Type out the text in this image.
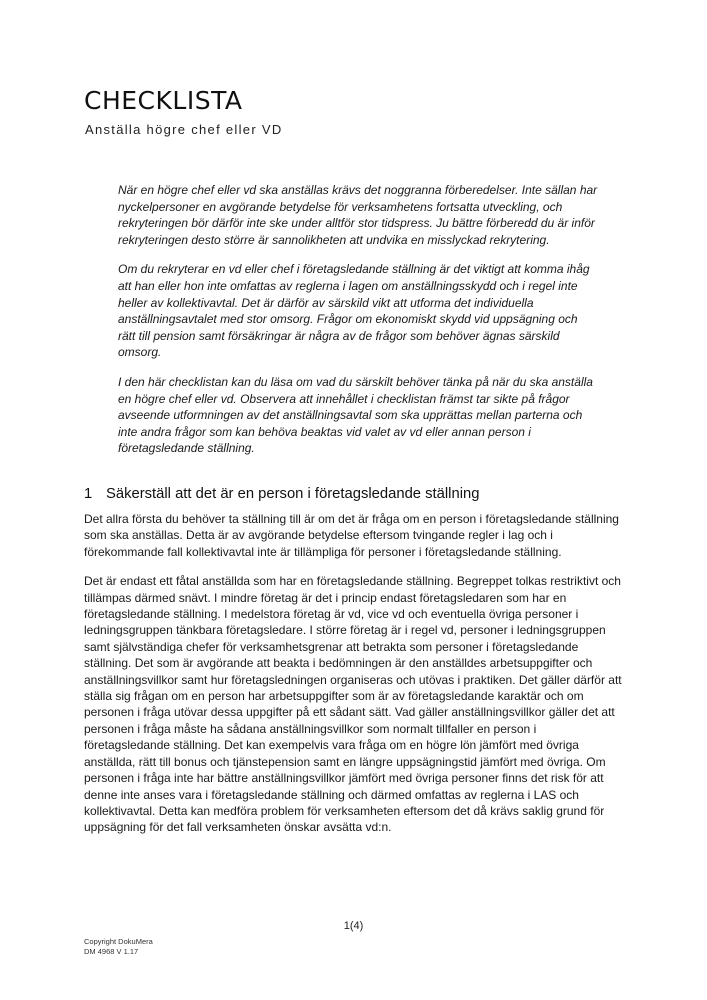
CHECKLISTA
Anställa högre chef eller VD

När en högre chef eller vd ska anställas krävs det noggranna förberedelser. Inte sällan har nyckelpersoner en avgörande betydelse för verksamhetens fortsatta utveckling, och rekryteringen bör därför inte ske under alltför stor tidspress. Ju bättre förberedd du är inför rekryteringen desto större är sannolikheten att undvika en misslyckad rekrytering.

Om du rekryterar en vd eller chef i företagsledande ställning är det viktigt att komma ihåg att han eller hon inte omfattas av reglerna i lagen om anställningsskydd och i regel inte heller av kollektivavtal. Det är därför av särskild vikt att utforma det individuella anställningsavtalet med stor omsorg. Frågor om ekonomiskt skydd vid uppsägning och rätt till pension samt försäkringar är några av de frågor som behöver ägnas särskild omsorg.

I den här checklistan kan du läsa om vad du särskilt behöver tänka på när du ska anställa en högre chef eller vd. Observera att innehållet i checklistan främst tar sikte på frågor avseende utformningen av det anställningsavtal som ska upprättas mellan parterna och inte andra frågor som kan behöva beaktas vid valet av vd eller annan person i företagsledande ställning.

1 Säkerställ att det är en person i företagsledande ställning

Det allra första du behöver ta ställning till är om det är fråga om en person i företagsledande ställning som ska anställas. Detta är av avgörande betydelse eftersom tvingande regler i lag och i förekommande fall kollektivavtal inte är tillämpliga för personer i företagsledande ställning.

Det är endast ett fåtal anställda som har en företagsledande ställning. Begreppet tolkas restriktivt och tillämpas därmed snävt. I mindre företag är det i princip endast företagsledaren som har en företagsledande ställning. I medelstora företag är vd, vice vd och eventuella övriga personer i ledningsgruppen tänkbara företagsledare. I större företag är i regel vd, personer i ledningsgruppen samt självständiga chefer för verksamhetsgrenar att betrakta som personer i företagsledande ställning. Det som är avgörande att beakta i bedömningen är den anställdes arbetsuppgifter och anställningsvillkor samt hur företagsledningen organiseras och utövas i praktiken. Det gäller därför att ställa sig frågan om en person har arbetsuppgifter som är av företagsledande karaktär och om personen i fråga utövar dessa uppgifter på ett sådant sätt. Vad gäller anställningsvillkor gäller det att personen i fråga måste ha sådana anställningsvillkor som normalt tillfaller en person i företagsledande ställning. Det kan exempelvis vara fråga om en högre lön jämfört med övriga anställda, rätt till bonus och tjänstepension samt en längre uppsägningstid jämfört med övriga. Om personen i fråga inte har bättre anställningsvillkor jämfört med övriga personer finns det risk för att denne inte anses vara i företagsledande ställning och därmed omfattas av reglerna i LAS och kollektivavtal. Detta kan medföra problem för verksamheten eftersom det då krävs saklig grund för uppsägning för det fall verksamheten önskar avsätta vd:n.

1(4)
Copyright DokuMera
DM 4968 V 1.17
